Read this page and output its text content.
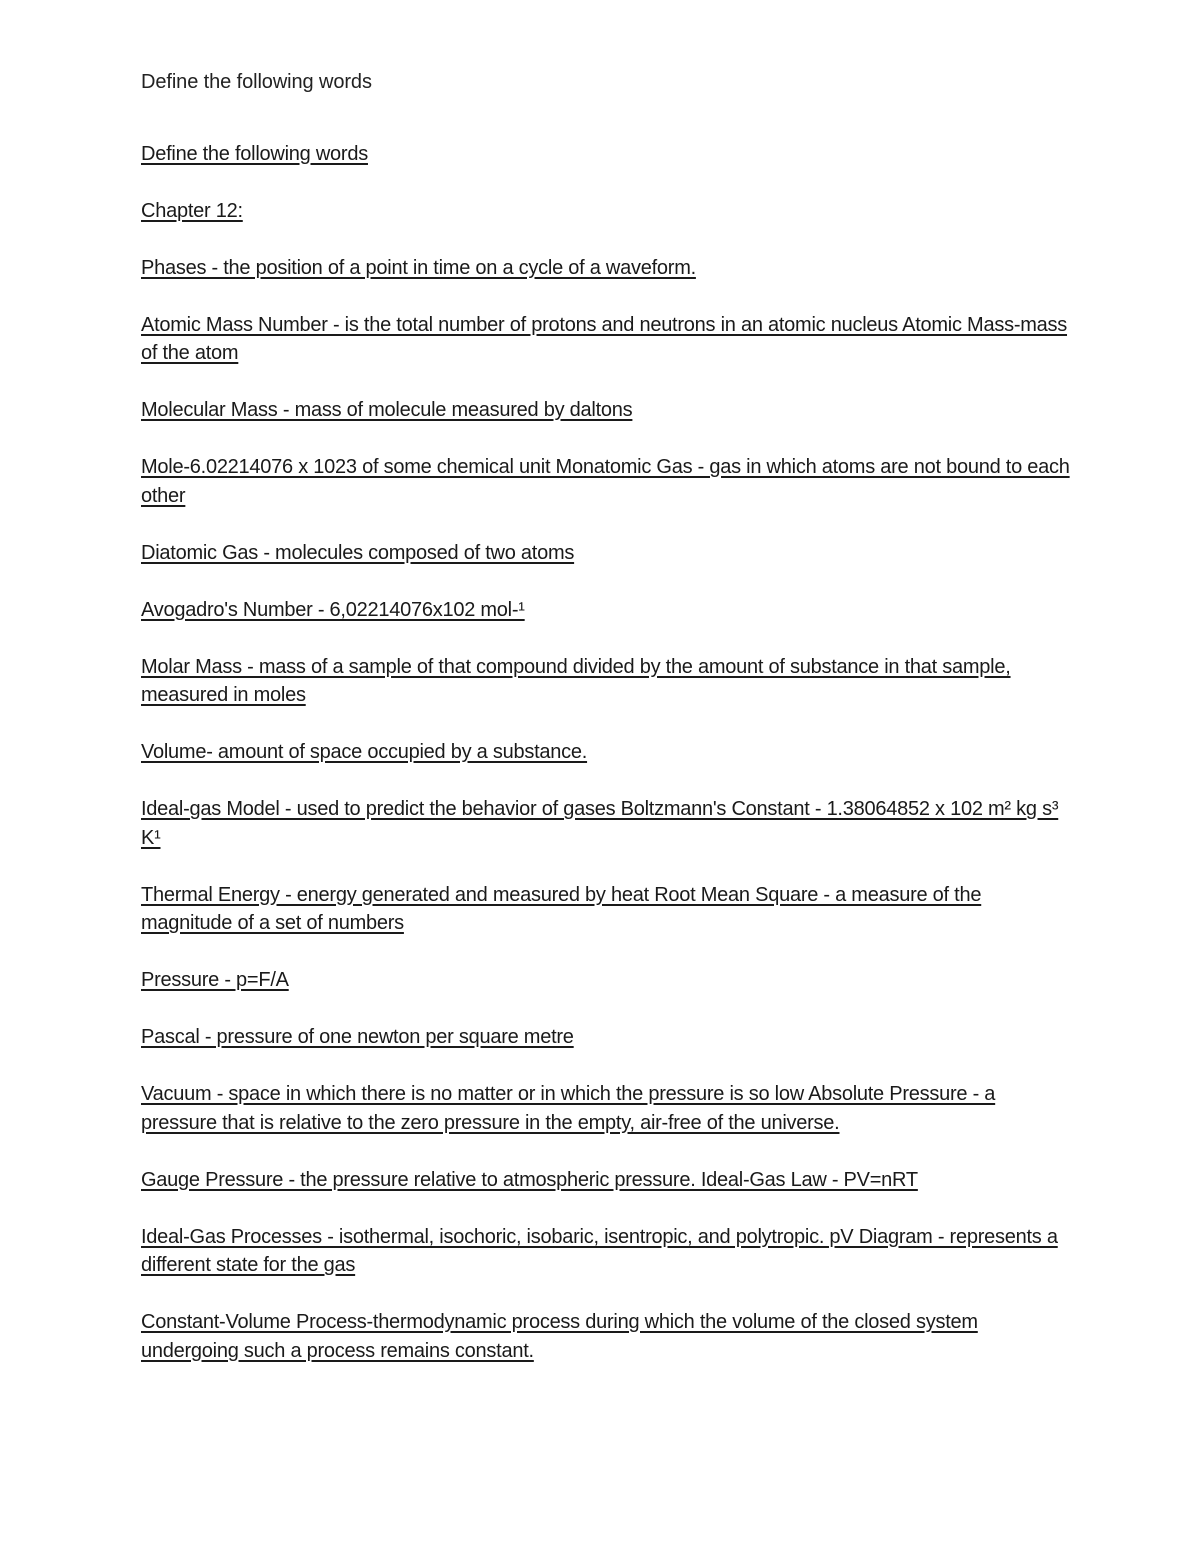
Define the following words

Define the following words

Chapter 12:

Phases - the position of a point in time on a cycle of a waveform.

Atomic Mass Number - is the total number of protons and neutrons in an atomic nucleus Atomic Mass-mass of the atom

Molecular Mass - mass of molecule measured by daltons

Mole-6.02214076 x 1023 of some chemical unit Monatomic Gas - gas in which atoms are not bound to each other

Diatomic Gas - molecules composed of two atoms

Avogadro's Number - 6,02214076x102 mol-¹

Molar Mass - mass of a sample of that compound divided by the amount of substance in that sample, measured in moles

Volume- amount of space occupied by a substance.

Ideal-gas Model - used to predict the behavior of gases Boltzmann's Constant - 1.38064852 x 102 m² kg s³ K¹

Thermal Energy - energy generated and measured by heat Root Mean Square - a measure of the magnitude of a set of numbers

Pressure - p=F/A

Pascal - pressure of one newton per square metre

Vacuum - space in which there is no matter or in which the pressure is so low Absolute Pressure - a pressure that is relative to the zero pressure in the empty, air-free of the universe.

Gauge Pressure - the pressure relative to atmospheric pressure. Ideal-Gas Law - PV=nRT

Ideal-Gas Processes - isothermal, isochoric, isobaric, isentropic, and polytropic. pV Diagram - represents a different state for the gas

Constant-Volume Process-thermodynamic process during which the volume of the closed system undergoing such a process remains constant.
